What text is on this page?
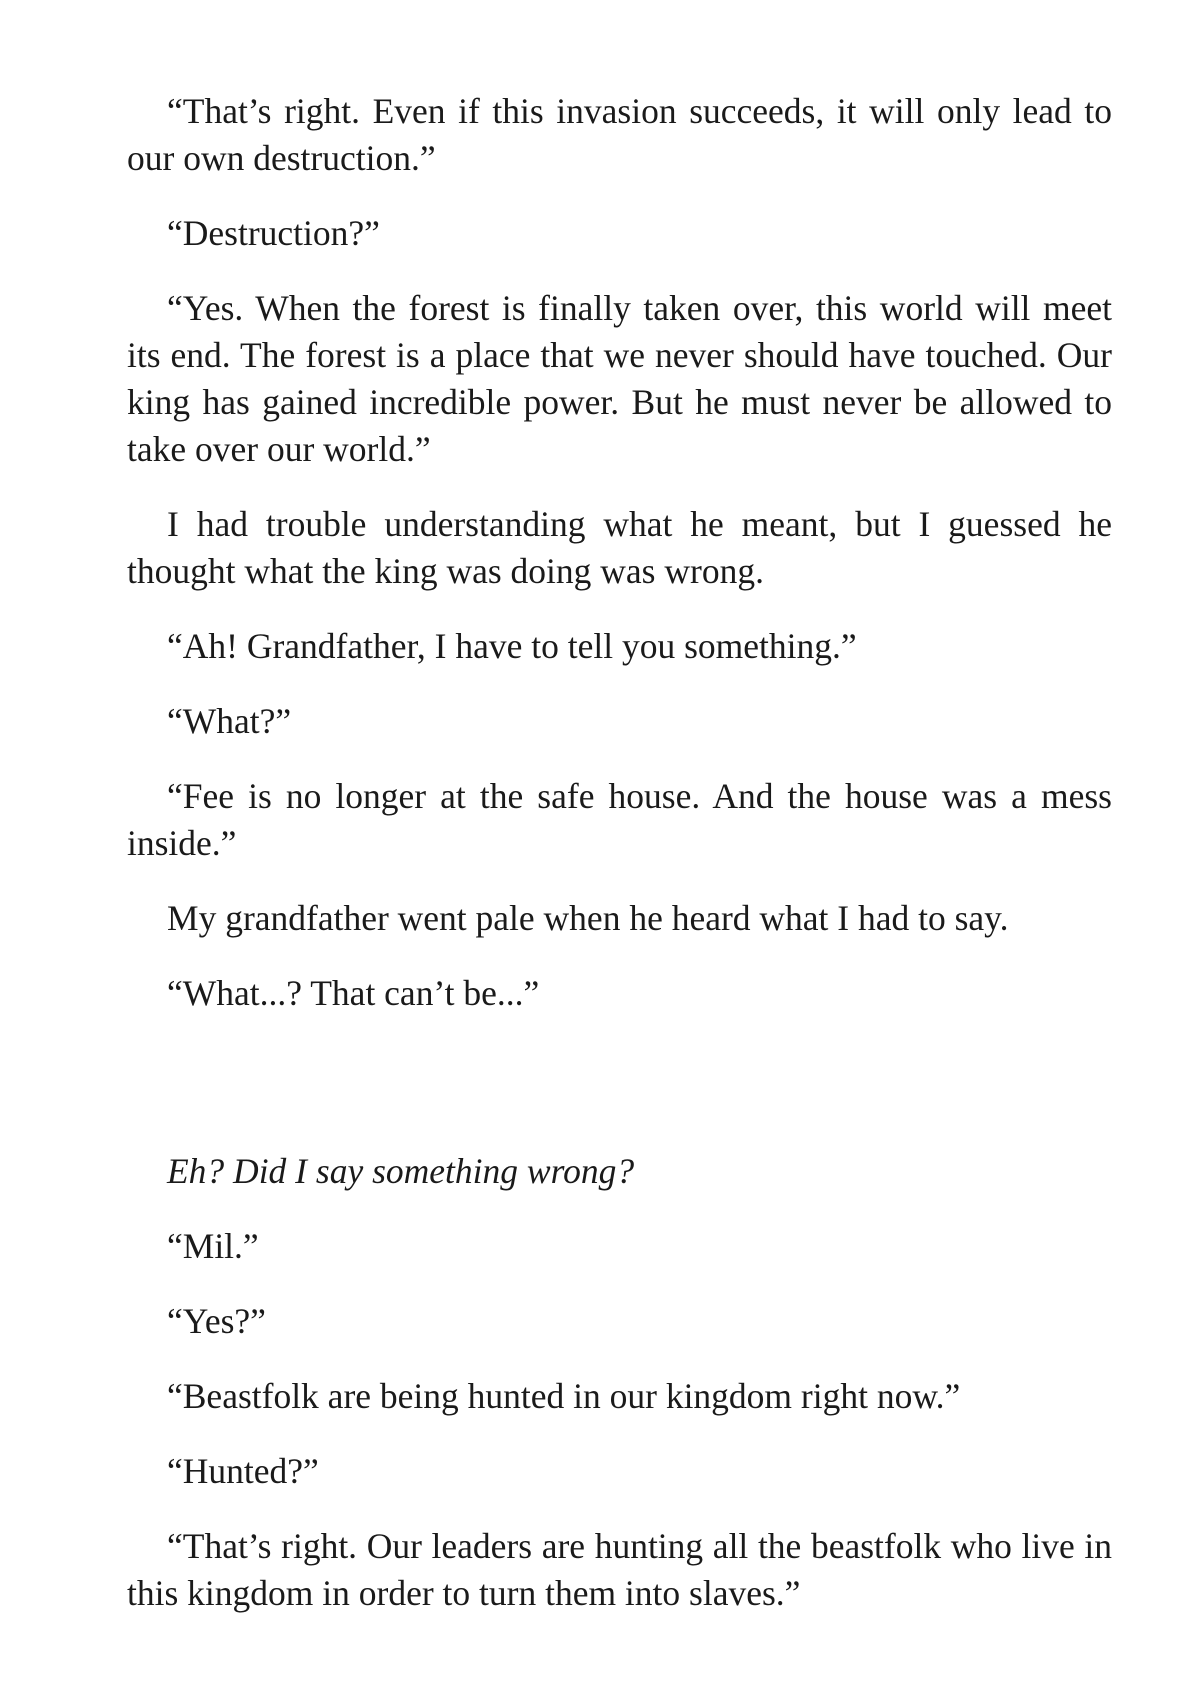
“That’s right. Even if this invasion succeeds, it will only lead to our own destruction.”

“Destruction?”

“Yes. When the forest is finally taken over, this world will meet its end. The forest is a place that we never should have touched. Our king has gained incredible power. But he must never be allowed to take over our world.”

I had trouble understanding what he meant, but I guessed he thought what the king was doing was wrong.

“Ah! Grandfather, I have to tell you something.”

“What?”

“Fee is no longer at the safe house. And the house was a mess inside.”

My grandfather went pale when he heard what I had to say.

“What...? That can’t be...”

Eh? Did I say something wrong?

“Mil.”

“Yes?”

“Beastfolk are being hunted in our kingdom right now.”

“Hunted?”

“That’s right. Our leaders are hunting all the beastfolk who live in this kingdom in order to turn them into slaves.”
